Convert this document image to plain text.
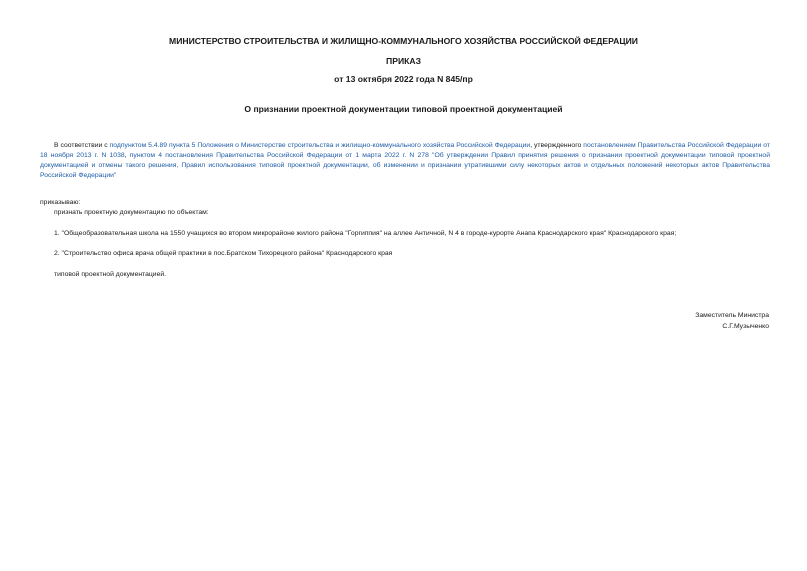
МИНИСТЕРСТВО СТРОИТЕЛЬСТВА И ЖИЛИЩНО-КОММУНАЛЬНОГО ХОЗЯЙСТВА РОССИЙСКОЙ ФЕДЕРАЦИИ
ПРИКАЗ
от 13 октября 2022 года N 845/пр
О признании проектной документации типовой проектной документацией
В соответствии с подпунктом 5.4.89 пункта 5 Положения о Министерстве строительства и жилищно-коммунального хозяйства Российской Федерации, утвержденного постановлением Правительства Российской Федерации от 18 ноября 2013 г. N 1038, пунктом 4 постановления Правительства Российской Федерации от 1 марта 2022 г. N 278 "Об утверждении Правил принятия решения о признании проектной документации типовой проектной документацией и отмены такого решения, Правил использования типовой проектной документации, об изменении и признании утратившими силу некоторых актов и отдельных положений некоторых актов Правительства Российской Федерации"
приказываю:
признать проектную документацию по объектам:
1. "Общеобразовательная школа на 1550 учащихся во втором микрорайоне жилого района "Горгиппия" на аллее Античной, N 4 в городе-курорте Анапа Краснодарского края" Краснодарского края;
2. "Строительство офиса врача общей практики в пос.Братском Тихорецкого района" Краснодарского края
типовой проектной документацией.
Заместитель Министра
С.Г.Музыченко
